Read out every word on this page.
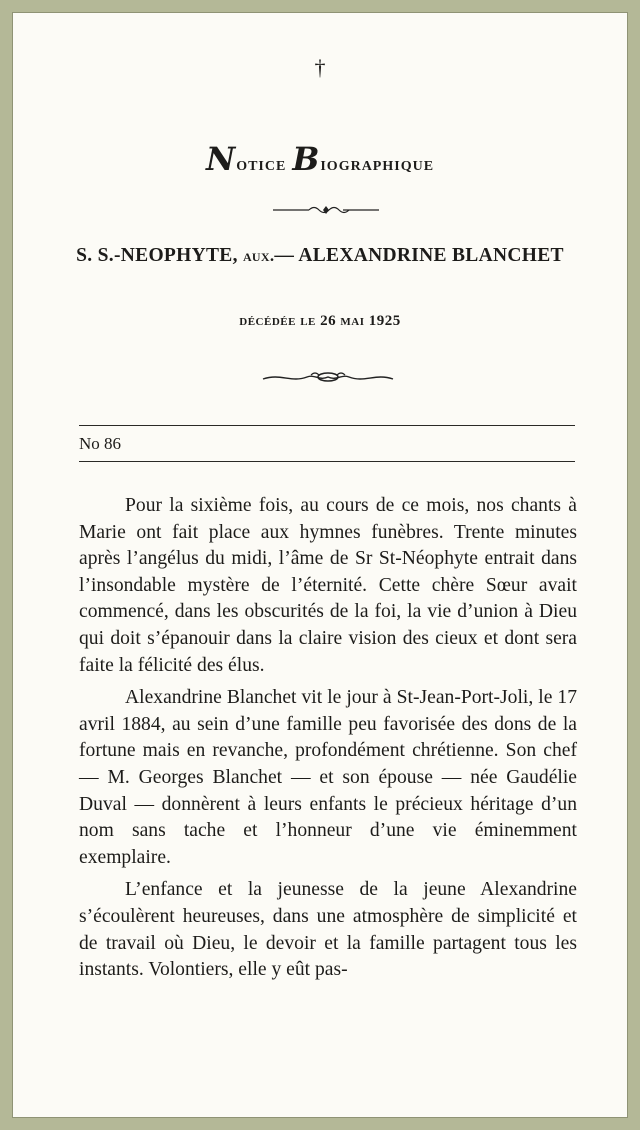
†
Notice Biographique
S. S.-NEOPHYTE, aux.— ALEXANDRINE BLANCHET
décédée le 26 mai 1925
No 86

Pour la sixième fois, au cours de ce mois, nos chants à Marie ont fait place aux hymnes funèbres. Trente minutes après l’angélus du midi, l’âme de Sr St-Néophyte entrait dans l’insondable mystère de l’éternité. Cette chère Sœur avait commencé, dans les obscurités de la foi, la vie d’union à Dieu qui doit s’épanouir dans la claire vision des cieux et dont sera faite la félicité des élus.

Alexandrine Blanchet vit le jour à St-Jean-Port-Joli, le 17 avril 1884, au sein d’une famille peu favorisée des dons de la fortune mais en revanche, profondément chrétienne. Son chef — M. Georges Blanchet — et son épouse — née Gaudélie Duval — donnèrent à leurs enfants le précieux héritage d’un nom sans tache et l’honneur d’une vie éminemment exemplaire.

L’enfance et la jeunesse de la jeune Alexandrine s’écoulèrent heureuses, dans une atmosphère de simplicité et de travail où Dieu, le devoir et la famille partagent tous les instants. Volontiers, elle y eût pas-
